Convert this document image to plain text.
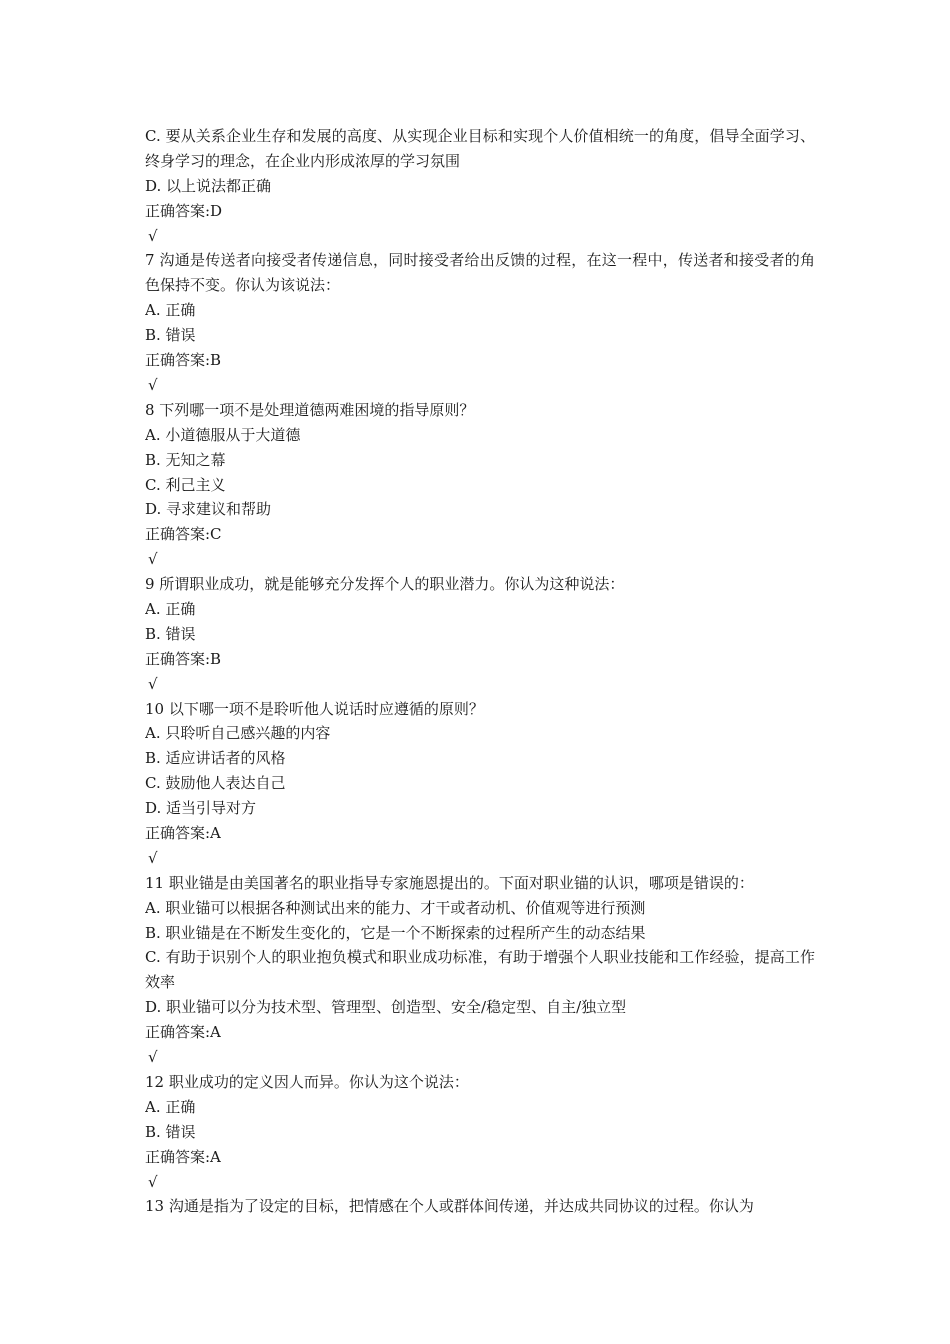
C. 要从关系企业生存和发展的高度、从实现企业目标和实现个人价值相统一的角度，倡导全面学习、终身学习的理念，在企业内形成浓厚的学习氛围
D. 以上说法都正确
正确答案:D
√
7 沟通是传送者向接受者传递信息，同时接受者给出反馈的过程，在这一程中，传送者和接受者的角色保持不变。你认为该说法：
A. 正确
B. 错误
正确答案:B
√
8 下列哪一项不是处理道德两难困境的指导原则？
A. 小道德服从于大道德
B. 无知之幕
C. 利己主义
D. 寻求建议和帮助
正确答案:C
√
9 所谓职业成功，就是能够充分发挥个人的职业潜力。你认为这种说法：
A. 正确
B. 错误
正确答案:B
√
10 以下哪一项不是聆听他人说话时应遵循的原则？
A. 只聆听自己感兴趣的内容
B. 适应讲话者的风格
C. 鼓励他人表达自己
D. 适当引导对方
正确答案:A
√
11 职业锚是由美国著名的职业指导专家施恩提出的。下面对职业锚的认识，哪项是错误的：
A. 职业锚可以根据各种测试出来的能力、才干或者动机、价值观等进行预测
B. 职业锚是在不断发生变化的，它是一个不断探索的过程所产生的动态结果
C. 有助于识别个人的职业抱负模式和职业成功标准，有助于增强个人职业技能和工作经验，提高工作效率
D. 职业锚可以分为技术型、管理型、创造型、安全/稳定型、自主/独立型
正确答案:A
√
12 职业成功的定义因人而异。你认为这个说法：
A. 正确
B. 错误
正确答案:A
√
13 沟通是指为了设定的目标，把情感在个人或群体间传递，并达成共同协议的过程。你认为
